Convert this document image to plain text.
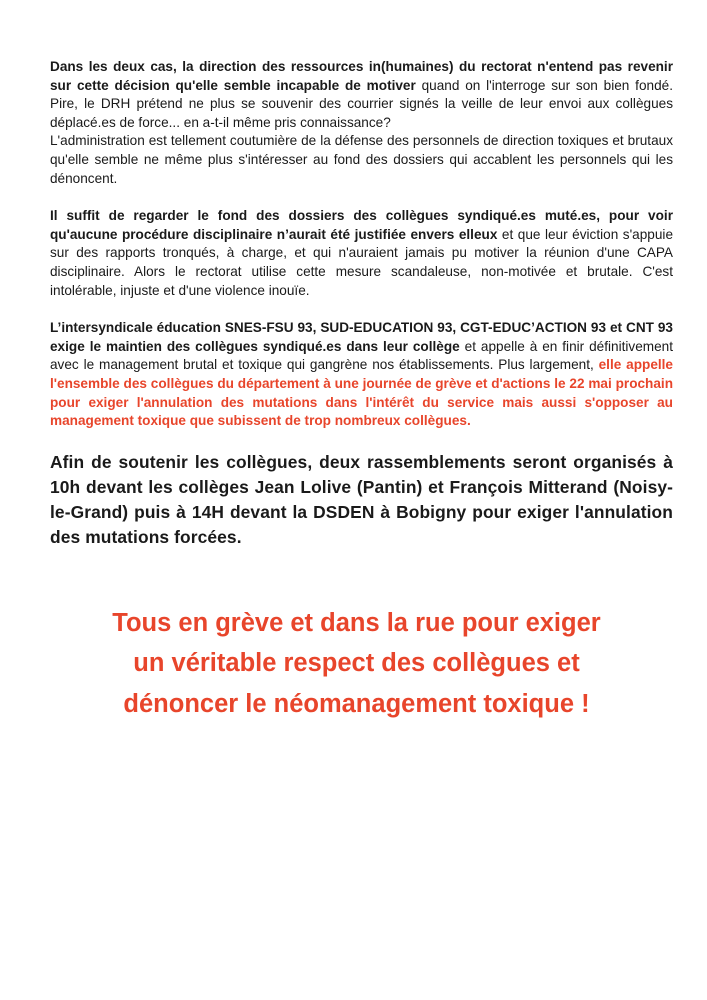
Dans les deux cas, la direction des ressources in(humaines) du rectorat n'entend pas revenir sur cette décision qu'elle semble incapable de motiver quand on l'interroge sur son bien fondé. Pire, le DRH prétend ne plus se souvenir des courrier signés la veille de leur envoi aux collègues déplacé.es de force... en a-t-il même pris connaissance?

L'administration est tellement coutumière de la défense des personnels de direction toxiques et brutaux qu'elle semble ne même plus s'intéresser au fond des dossiers qui accablent les personnels qui les dénoncent.

Il suffit de regarder le fond des dossiers des collègues syndiqué.es muté.es, pour voir qu'aucune procédure disciplinaire n’aurait été justifiée envers elleux et que leur éviction s'appuie sur des rapports tronqués, à charge, et qui n'auraient jamais pu motiver la réunion d'une CAPA disciplinaire. Alors le rectorat utilise cette mesure scandaleuse, non-motivée et brutale. C'est intolérable, injuste et d'une violence inouïe.

L’intersyndicale éducation SNES-FSU 93, SUD-EDUCATION 93, CGT-EDUC’ACTION 93 et CNT 93 exige le maintien des collègues syndiqué.es dans leur collège et appelle à en finir définitivement avec le management brutal et toxique qui gangrène nos établissements. Plus largement, elle appelle l'ensemble des collègues du département à une journée de grève et d'actions le 22 mai prochain pour exiger l'annulation des mutations dans l'intérêt du service mais aussi s'opposer au management toxique que subissent de trop nombreux collègues.

Afin de soutenir les collègues, deux rassemblements seront organisés à 10h devant les collèges Jean Lolive (Pantin) et François Mitterand (Noisy-le-Grand) puis à 14H devant la DSDEN à Bobigny pour exiger l'annulation des mutations forcées.

Tous en grève et dans la rue pour exiger
un véritable respect des collègues et
dénoncer le néomanagement toxique !
